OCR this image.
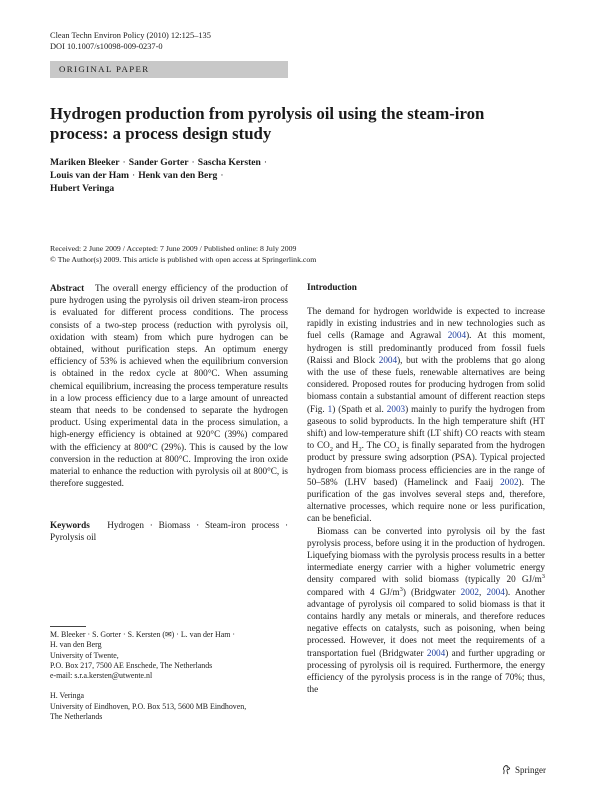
Clean Techn Environ Policy (2010) 12:125–135
DOI 10.1007/s10098-009-0237-0
ORIGINAL PAPER
Hydrogen production from pyrolysis oil using the steam-iron process: a process design study
Mariken Bleeker · Sander Gorter · Sascha Kersten ·
Louis van der Ham · Henk van den Berg ·
Hubert Veringa
Received: 2 June 2009 / Accepted: 7 June 2009 / Published online: 8 July 2009
© The Author(s) 2009. This article is published with open access at Springerlink.com
Abstract The overall energy efficiency of the production of pure hydrogen using the pyrolysis oil driven steam-iron process is evaluated for different process conditions. The process consists of a two-step process (reduction with pyrolysis oil, oxidation with steam) from which pure hydrogen can be obtained, without purification steps. An optimum energy efficiency of 53% is achieved when the equilibrium conversion is obtained in the redox cycle at 800°C. When assuming chemical equilibrium, increasing the process temperature results in a low process efficiency due to a large amount of unreacted steam that needs to be condensed to separate the hydrogen product. Using experimental data in the process simulation, a high-energy efficiency is obtained at 920°C (39%) compared with the efficiency at 800°C (29%). This is caused by the low conversion in the reduction at 800°C. Improving the iron oxide material to enhance the reduction with pyrolysis oil at 800°C, is therefore suggested.
Keywords Hydrogen · Biomass · Steam-iron process · Pyrolysis oil
Introduction

The demand for hydrogen worldwide is expected to increase rapidly in existing industries and in new technologies such as fuel cells (Ramage and Agrawal 2004). At this moment, hydrogen is still predominantly produced from fossil fuels (Raissi and Block 2004), but with the problems that go along with the use of these fuels, renewable alternatives are being considered. Proposed routes for producing hydrogen from solid biomass contain a substantial amount of different reaction steps (Fig. 1) (Spath et al. 2003) mainly to purify the hydrogen from gaseous to solid byproducts. In the high temperature shift (HT shift) and low-temperature shift (LT shift) CO reacts with steam to $CO_2$ and $H_2$. The $CO_2$ is finally separated from the hydrogen product by pressure swing adsorption (PSA). Typical projected hydrogen from biomass process efficiencies are in the range of 50–58% (LHV based) (Hamelinck and Faaij 2002). The purification of the gas involves several steps and, therefore, alternative processes, which require none or less purification, can be beneficial.

Biomass can be converted into pyrolysis oil by the fast pyrolysis process, before using it in the production of hydrogen. Liquefying biomass with the pyrolysis process results in a better intermediate energy carrier with a higher volumetric energy density compared with solid biomass (typically 20 $GJ/m^3$ compared with 4 $GJ/m^3$) (Bridgwater 2002, 2004). Another advantage of pyrolysis oil compared to solid biomass is that it contains hardly any metals or minerals, and therefore reduces negative effects on catalysts, such as poisoning, when being processed. However, it does not meet the requirements of a transportation fuel (Bridgwater 2004) and further upgrading or processing of pyrolysis oil is required. Furthermore, the energy efficiency of the pyrolysis process is in the range of 70%; thus, the

M. Bleeker · S. Gorter · S. Kersten (✉) · L. van der Ham ·
H. van den Berg
University of Twente,
P.O. Box 217, 7500 AE Enschede, The Netherlands
e-mail: s.r.a.kersten@utwente.nl
H. Veringa
University of Eindhoven, P.O. Box 513, 5600 MB Eindhoven,
The Netherlands
Springer
